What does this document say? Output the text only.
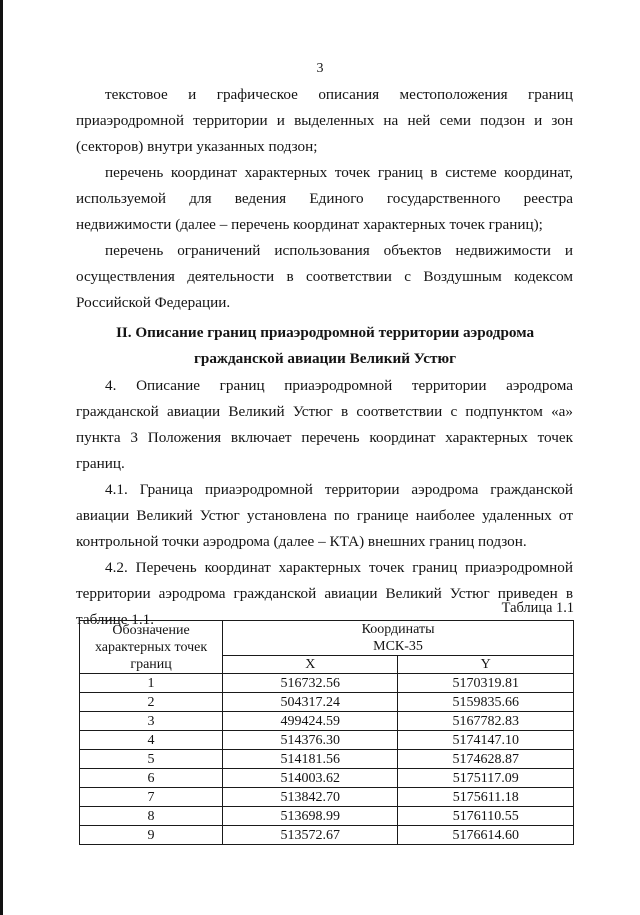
3

текстовое и графическое описания местоположения границ приаэродромной территории и выделенных на ней семи подзон и зон (секторов) внутри указанных подзон;

перечень координат характерных точек границ в системе координат, используемой для ведения Единого государственного реестра недвижимости (далее – перечень координат характерных точек границ);

перечень ограничений использования объектов недвижимости и осуществления деятельности в соответствии с Воздушным кодексом Российской Федерации.

II. Описание границ приаэродромной территории аэродрома
гражданской авиации Великий Устюг

4. Описание границ приаэродромной территории аэродрома гражданской авиации Великий Устюг в соответствии с подпунктом «а» пункта 3 Положения включает перечень координат характерных точек границ.

4.1. Граница приаэродромной территории аэродрома гражданской авиации Великий Устюг установлена по границе наиболее удаленных от контрольной точки аэродрома (далее – КТА) внешних границ подзон.

4.2. Перечень координат характерных точек границ приаэродромной территории аэродрома гражданской авиации Великий Устюг приведен в таблице 1.1.

Таблица 1.1
Обозначение характерных точек границ	Координаты
МСК-35	

	X	Y
1	516732.56	5170319.81
2	504317.24	5159835.66
3	499424.59	5167782.83
4	514376.30	5174147.10
5	514181.56	5174628.87
6	514003.62	5175117.09
7	513842.70	5175611.18
8	513698.99	5176110.55
9	513572.67	5176614.60
